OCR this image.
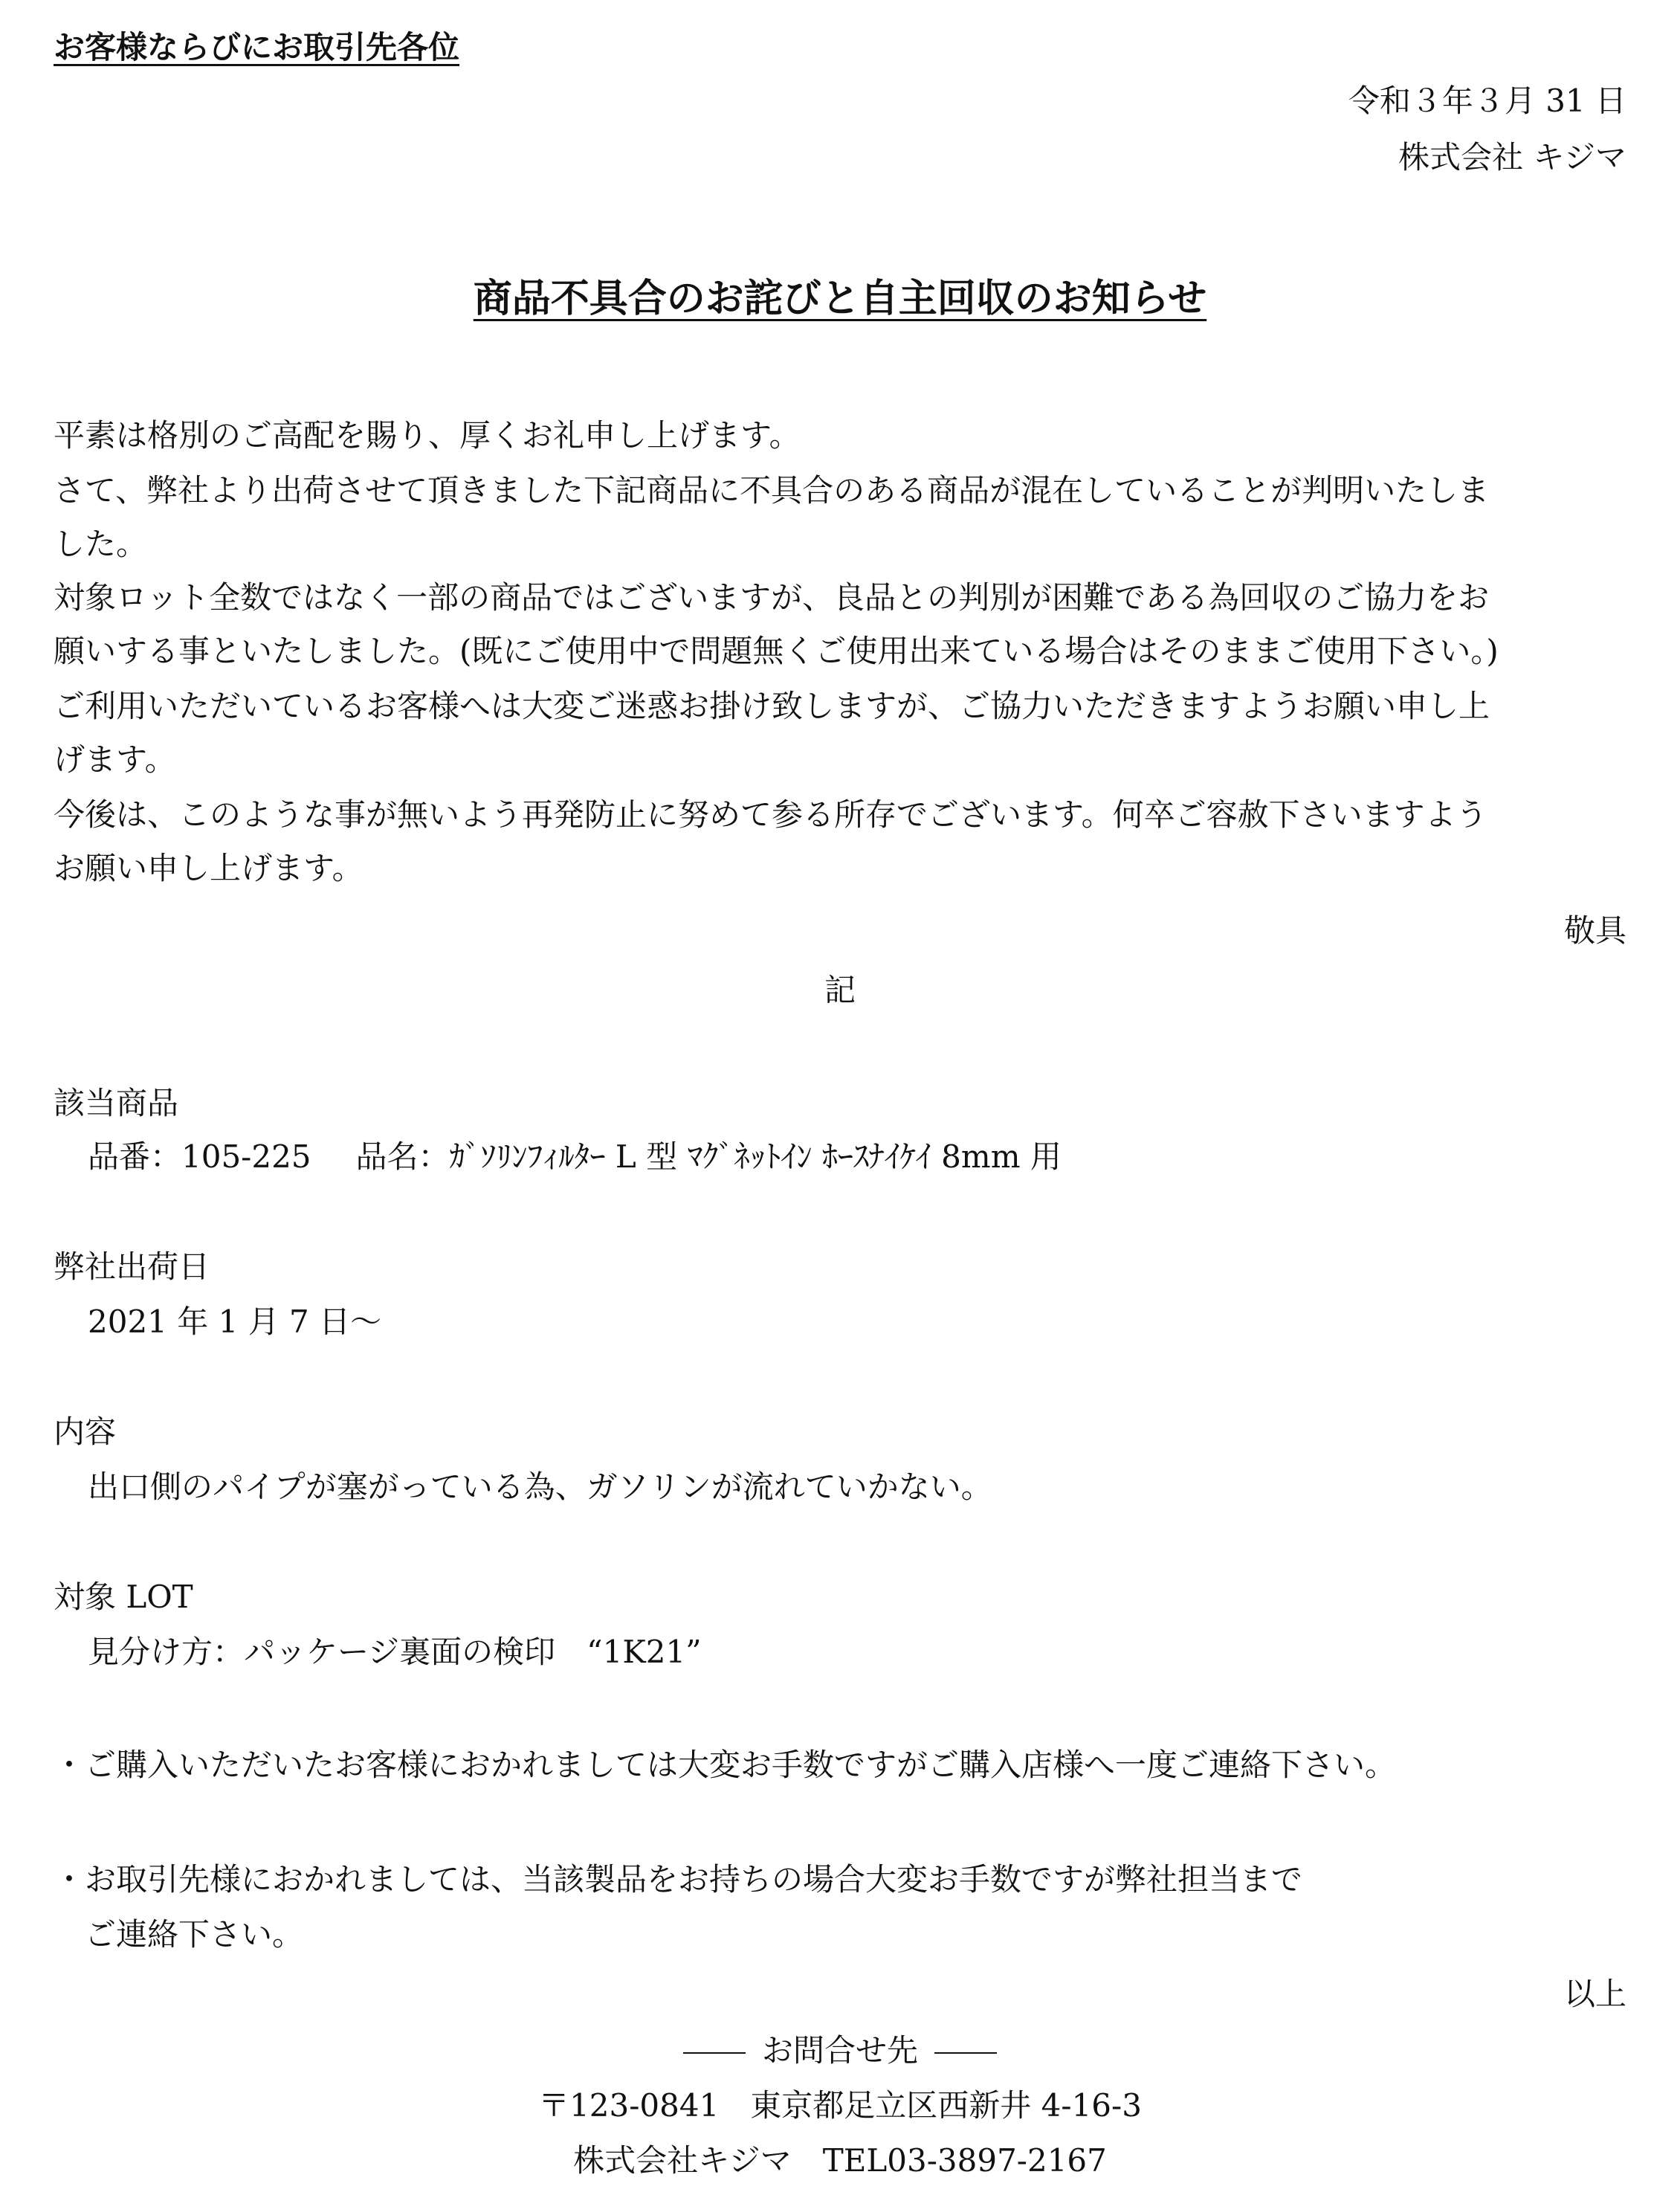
お客様ならびにお取引先各位
令和３年３月 31 日
株式会社 キジマ
商品不具合のお詫びと自主回収のお知らせ
平素は格別のご高配を賜り、厚くお礼申し上げます。
さて、弊社より出荷させて頂きました下記商品に不具合のある商品が混在していることが判明いたしま
した。
対象ロット全数ではなく一部の商品ではございますが、良品との判別が困難である為回収のご協力をお
願いする事といたしました。(既にご使用中で問題無くご使用出来ている場合はそのままご使用下さい。)
ご利用いただいているお客様へは大変ご迷惑お掛け致しますが、ご協力いただきますようお願い申し上
げます。
今後は、このような事が無いよう再発防止に努めて参る所存でございます。何卒ご容赦下さいますよう
お願い申し上げます。
敬具
記
該当商品
品番：105-225 品名：ｶﾞｿﾘﾝﾌｨﾙﾀｰ L 型 ﾏｸﾞﾈｯﾄｲﾝ ﾎｰｽﾅｲｹｲ 8mm 用
弊社出荷日
2021 年 1 月 7 日～
内容
出口側のパイプが塞がっている為、ガソリンが流れていかない。
対象 LOT
見分け方：パッケージ裏面の検印　“1K21”
・ご購入いただいたお客様におかれましては大変お手数ですがご購入店様へ一度ご連絡下さい。
・お取引先様におかれましては、当該製品をお持ちの場合大変お手数ですが弊社担当まで
　ご連絡下さい。
以上
お問合せ先
〒123-0841　東京都足立区西新井 4-16-3
株式会社キジマ　TEL03-3897-2167
